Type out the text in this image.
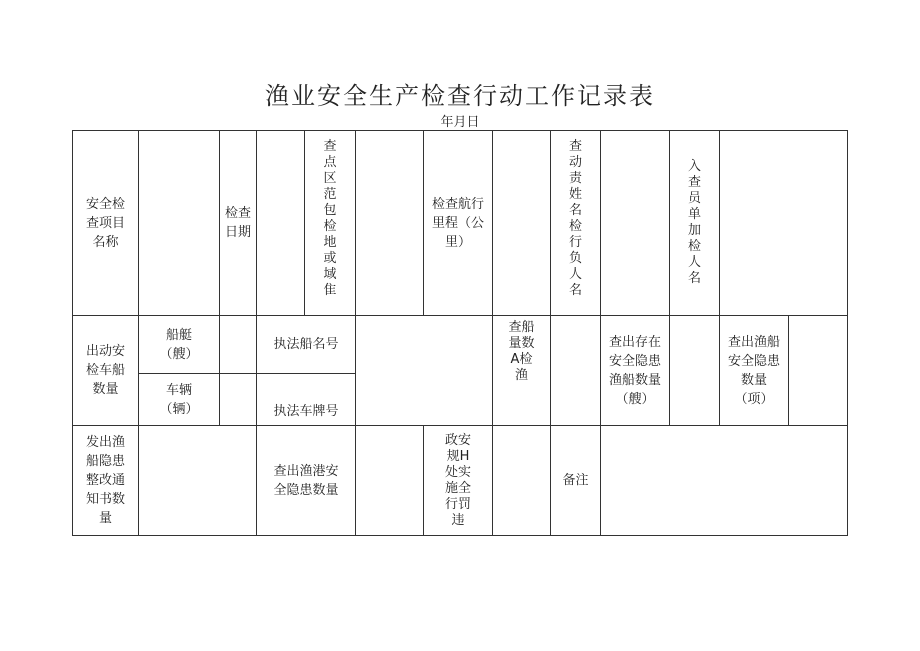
渔业安全生产检查行动工作记录表
年月日
安全检
查项目
名称
检查
日期
查点区范包检地或域隹
检查航行
里程（公
里）
查动责姓名检行负人名
入查员单加检人名
出动安
检车船
数量
船艇
（艘）
车辆
（辆）
执法船名号
执法车牌号
查船量数A检渔
查出存在
安全隐患
渔船数量
（艘）
查出渔船
安全隐患
数量
（项）
发出渔
船隐患
整改通
知书数
量
查出渔港安
全隐患数量
政安规H处实施全行罚违
备注
